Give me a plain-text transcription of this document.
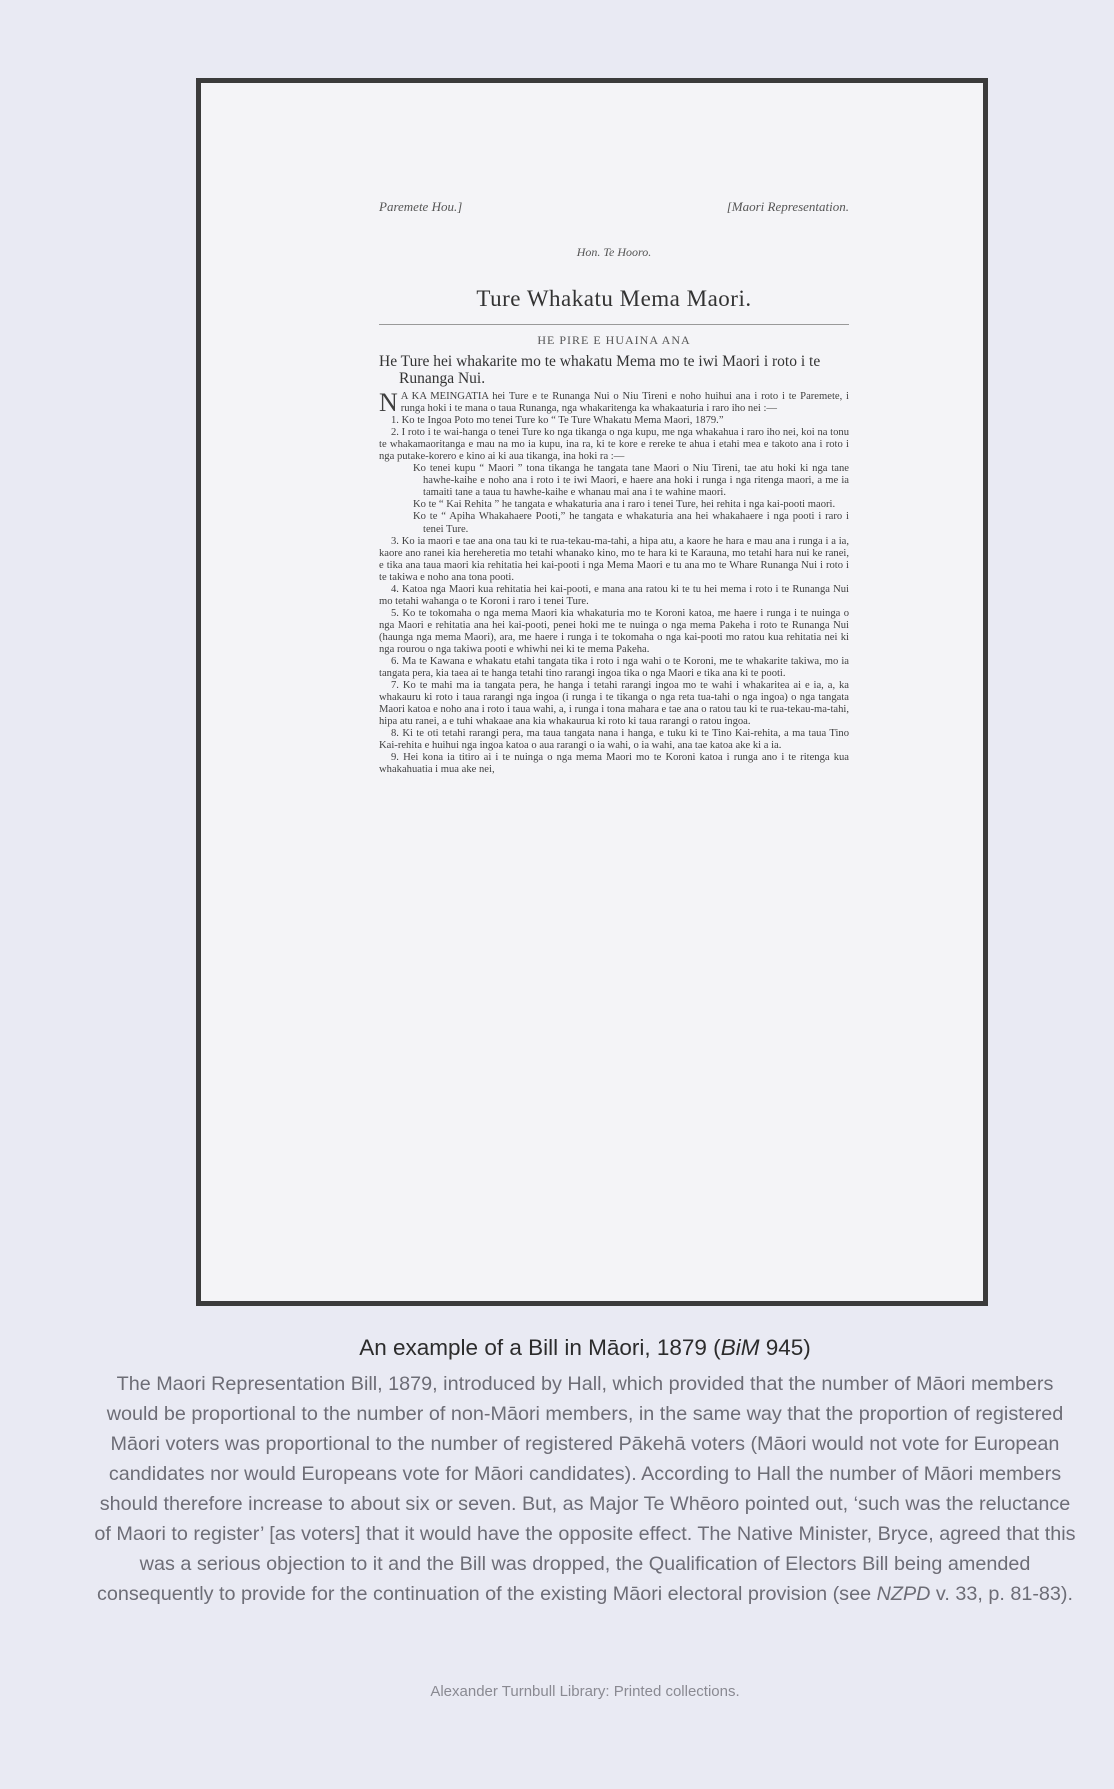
Paremete Hou.]	[Maori Representation.
Hon. Te Hooro.
Ture Whakatu Mema Maori.
HE PIRE E HUAINA ANA
He Ture hei whakarite mo te whakatu Mema mo te iwi Maori i roto i te Runanga Nui.

N A KA MEINGATIA hei Ture e te Runanga Nui o Niu Tireni e noho huihui ana i roto i te Paremete, i runga hoki i te mana o taua Runanga, nga whakaritenga ka whakaaturia i raro iho nei :—

1. Ko te Ingoa Poto mo tenei Ture ko “ Te Ture Whakatu Mema Maori, 1879.”

2. I roto i te wai-hanga o tenei Ture ko nga tikanga o nga kupu, me nga whakahua i raro iho nei, koi na tonu te whakamaoritanga e mau na mo ia kupu, ina ra, ki te kore e rereke te ahua i etahi mea e takoto ana i roto i nga putake-korero e kino ai ki aua tikanga, ina hoki ra :—

Ko tenei kupu “ Maori ” tona tikanga he tangata tane Maori o Niu Tireni, tae atu hoki ki nga tane hawhe-kaihe e noho ana i roto i te iwi Maori, e haere ana hoki i runga i nga ritenga maori, a me ia tamaiti tane a taua tu hawhe-kaihe e whanau mai ana i te wahine maori.

Ko te “ Kai Rehita ” he tangata e whakaturia ana i raro i tenei Ture, hei rehita i nga kai-pooti maori.

Ko te “ Apiha Whakahaere Pooti,” he tangata e whakaturia ana hei whakahaere i nga pooti i raro i tenei Ture.

3. Ko ia maori e tae ana ona tau ki te rua-tekau-ma-tahi, a hipa atu, a kaore he hara e mau ana i runga i a ia, kaore ano ranei kia hereheretia mo tetahi whanako kino, mo te hara ki te Karauna, mo tetahi hara nui ke ranei, e tika ana taua maori kia rehitatia hei kai-pooti i nga Mema Maori e tu ana mo te Whare Runanga Nui i roto i te takiwa e noho ana tona pooti.

4. Katoa nga Maori kua rehitatia hei kai-pooti, e mana ana ratou ki te tu hei mema i roto i te Runanga Nui mo tetahi wahanga o te Koroni i raro i tenei Ture.

5. Ko te tokomaha o nga mema Maori kia whakaturia mo te Koroni katoa, me haere i runga i te nuinga o nga Maori e rehitatia ana hei kai-pooti, penei hoki me te nuinga o nga mema Pakeha i roto te Runanga Nui (haunga nga mema Maori), ara, me haere i runga i te tokomaha o nga kai-pooti mo ratou kua rehitatia nei ki nga rourou o nga takiwa pooti e whiwhi nei ki te mema Pakeha.

6. Ma te Kawana e whakatu etahi tangata tika i roto i nga wahi o te Koroni, me te whakarite takiwa, mo ia tangata pera, kia taea ai te hanga tetahi tino rarangi ingoa tika o nga Maori e tika ana ki te pooti.

7. Ko te mahi ma ia tangata pera, he hanga i tetahi rarangi ingoa mo te wahi i whakaritea ai e ia, a, ka whakauru ki roto i taua rarangi nga ingoa (i runga i te tikanga o nga reta tua-tahi o nga ingoa) o nga tangata Maori katoa e noho ana i roto i taua wahi, a, i runga i tona mahara e tae ana o ratou tau ki te rua-tekau-ma-tahi, hipa atu ranei, a e tuhi whakaae ana kia whakaurua ki roto ki taua rarangi o ratou ingoa.

8. Ki te oti tetahi rarangi pera, ma taua tangata nana i hanga, e tuku ki te Tino Kai-rehita, a ma taua Tino Kai-rehita e huihui nga ingoa katoa o aua rarangi o ia wahi, o ia wahi, ana tae katoa ake ki a ia.

9. Hei kona ia titiro ai i te nuinga o nga mema Maori mo te Koroni katoa i runga ano i te ritenga kua whakahuatia i mua ake nei,

An example of a Bill in Māori, 1879 (BiM 945)
The Maori Representation Bill, 1879, introduced by Hall, which provided that the number of Māori members would be proportional to the number of non-Māori members, in the same way that the proportion of registered Māori voters was proportional to the number of registered Pākehā voters (Māori would not vote for European candidates nor would Europeans vote for Māori candidates). According to Hall the number of Māori members should therefore increase to about six or seven. But, as Major Te Whēoro pointed out, ‘such was the reluctance of Maori to register’ [as voters] that it would have the opposite effect. The Native Minister, Bryce, agreed that this was a serious objection to it and the Bill was dropped, the Qualification of Electors Bill being amended consequently to provide for the continuation of the existing Māori electoral provision (see NZPD v. 33, p. 81-83).
Alexander Turnbull Library: Printed collections.
